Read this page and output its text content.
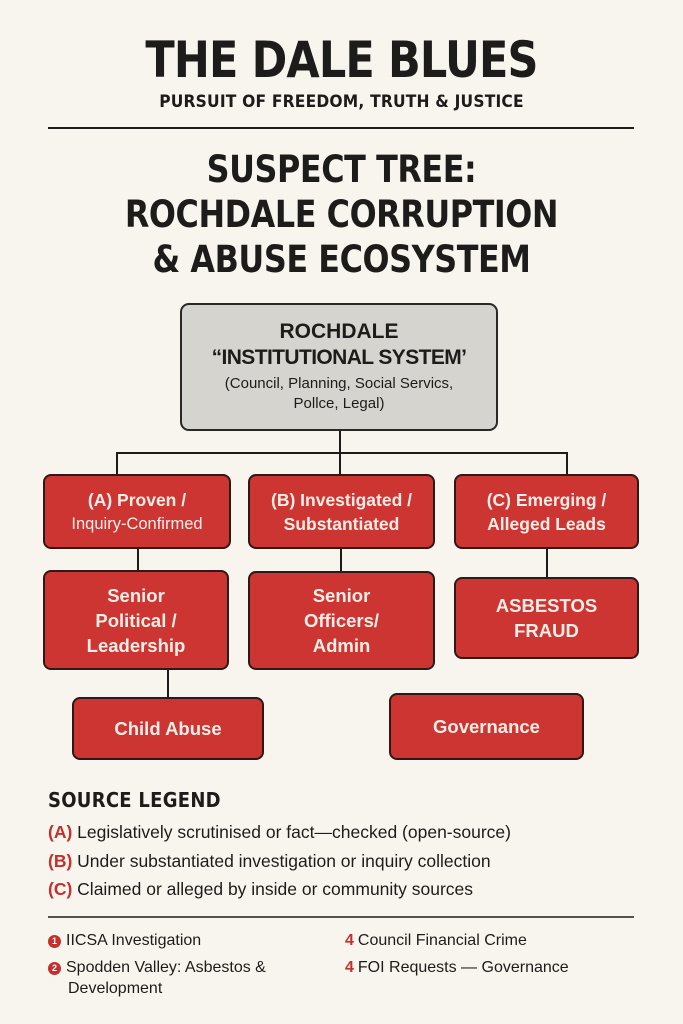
THE DALE BLUES
PURSUIT OF FREEDOM, TRUTH & JUSTICE
SUSPECT TREE:
ROCHDALE CORRUPTION
& ABUSE ECOSYSTEM
ROCHDALE
“INSTITUTIONAL SYSTEM’
(Council, Planning, Social Servics,
Pollce, Legal)
(A) Proven /
Inquiry-Confirmed
(B) Investigated /
Substantiated
(C) Emerging /
Alleged Leads
Senior
Political /
Leadership
Senior
Officers/
Admin
ASBESTOS
FRAUD
Child Abuse	Governance
SOURCE LEGEND
(A) Legislatively scrutinised or fact—checked (open-source)
(B) Under substantiated investigation or inquiry collection
(C) Claimed or alleged by inside or community sources
1 IICSA Investigation
2 Spodden Valley: Asbestos &
Development
4 Council Financial Crime
4 FOI Requests — Governance
